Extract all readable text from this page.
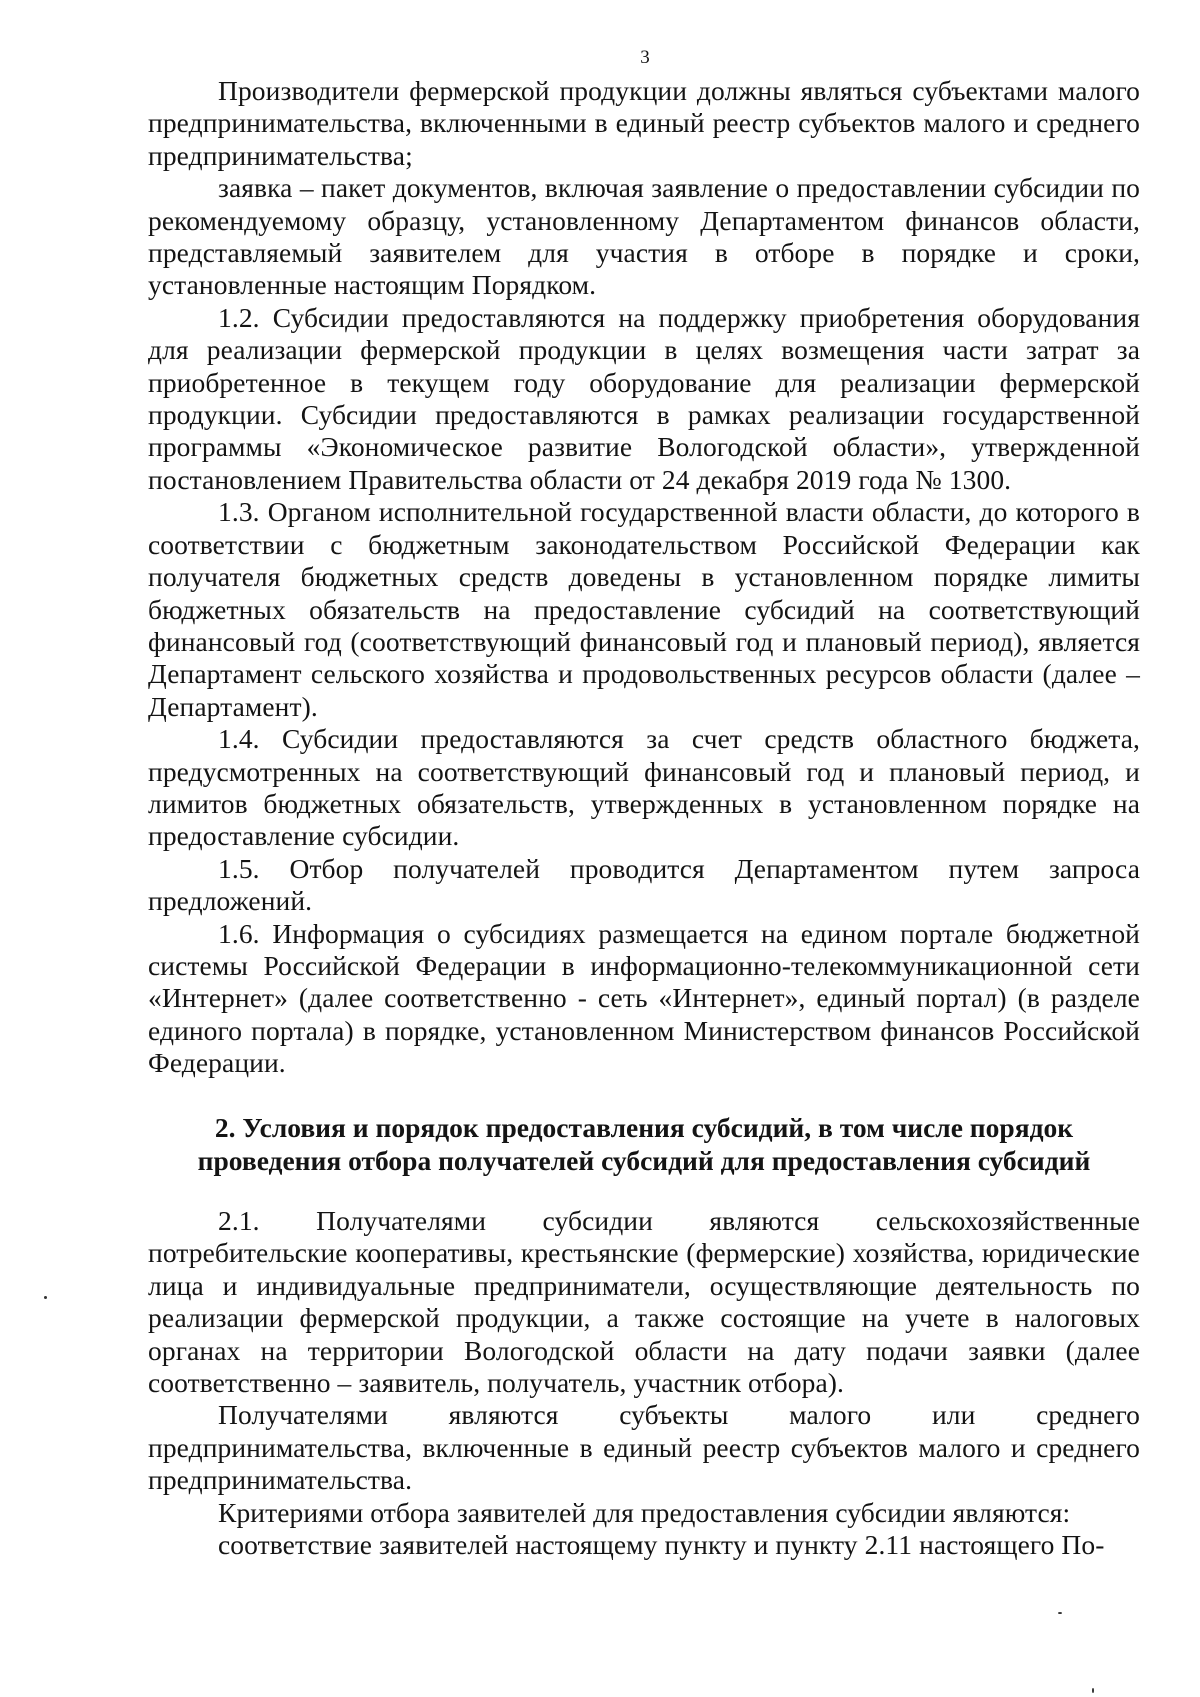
3

Производители фермерской продукции должны являться субъектами малого предпринимательства, включенными в единый реестр субъектов малого и среднего предпринимательства;

заявка – пакет документов, включая заявление о предоставлении субсидии по рекомендуемому образцу, установленному Департаментом финансов области, представляемый заявителем для участия в отборе в порядке и сроки, установленные настоящим Порядком.

1.2. Субсидии предоставляются на поддержку приобретения оборудования для реализации фермерской продукции в целях возмещения части затрат за приобретенное в текущем году оборудование для реализации фермерской продукции. Субсидии предоставляются в рамках реализации государственной программы «Экономическое развитие Вологодской области», утвержденной постановлением Правительства области от 24 декабря 2019 года № 1300.

1.3. Органом исполнительной государственной власти области, до которого в соответствии с бюджетным законодательством Российской Федерации как получателя бюджетных средств доведены в установленном порядке лимиты бюджетных обязательств на предоставление субсидий на соответствующий финансовый год (соответствующий финансовый год и плановый период), является Департамент сельского хозяйства и продовольственных ресурсов области (далее – Департамент).

1.4. Субсидии предоставляются за счет средств областного бюджета, предусмотренных на соответствующий финансовый год и плановый период, и лимитов бюджетных обязательств, утвержденных в установленном порядке на предоставление субсидии.

1.5. Отбор получателей проводится Департаментом путем запроса предложений.

1.6. Информация о субсидиях размещается на едином портале бюджетной системы Российской Федерации в информационно-телекоммуникационной сети «Интернет» (далее соответственно - сеть «Интернет», единый портал) (в разделе единого портала) в порядке, установленном Министерством финансов Российской Федерации.

2. Условия и порядок предоставления субсидий, в том числе порядок
проведения отбора получателей субсидий для предоставления субсидий

2.1. Получателями субсидии являются сельскохозяйственные потребительские кооперативы, крестьянские (фермерские) хозяйства, юридические лица и индивидуальные предприниматели, осуществляющие деятельность по реализации фермерской продукции, а также состоящие на учете в налоговых органах на территории Вологодской области на дату подачи заявки (далее соответственно – заявитель, получатель, участник отбора).

Получателями являются субъекты малого или среднего предпринимательства, включенные в единый реестр субъектов малого и среднего предпринимательства.

Критериями отбора заявителей для предоставления субсидии являются:

соответствие заявителей настоящему пункту и пункту 2.11 настоящего По-
